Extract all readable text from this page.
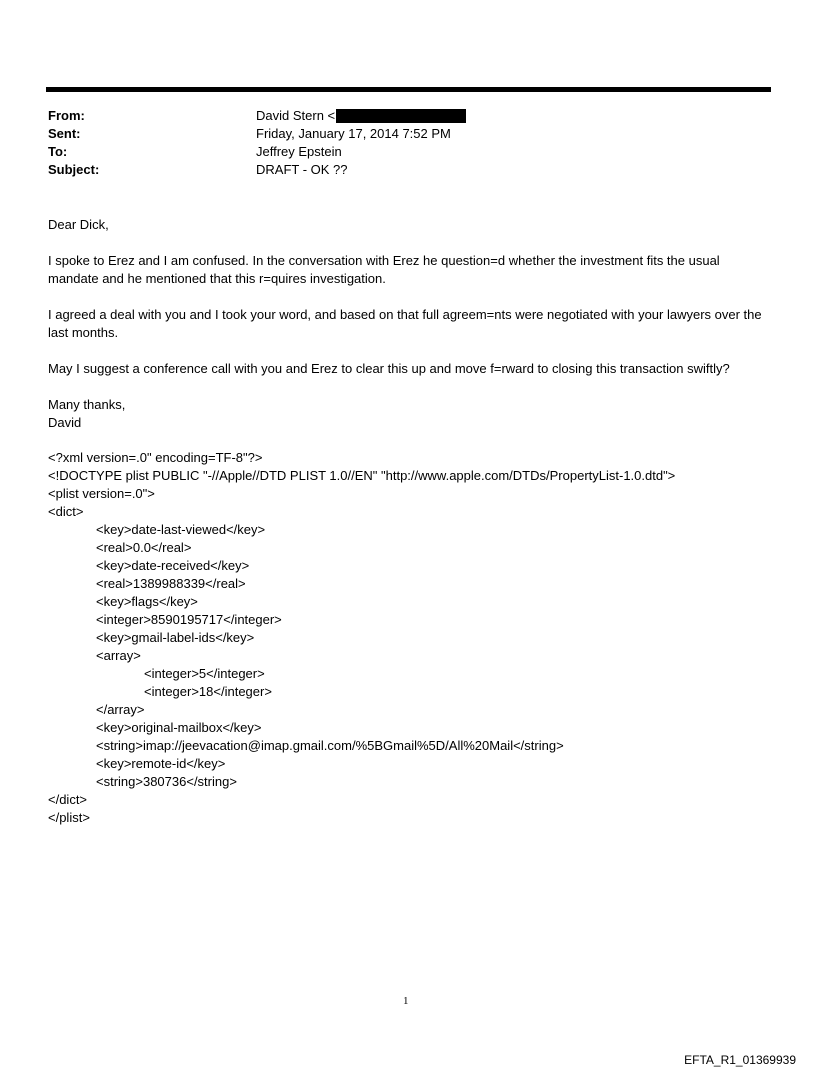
From:	David Stern <
Sent:	Friday, January 17, 2014 7:52 PM
To:	Jeffrey Epstein
Subject:	DRAFT - OK ??

Dear Dick,

I spoke to Erez and I am confused. In the conversation with Erez he question=d whether the investment fits the usual mandate and he mentioned that this r=quires investigation.

I agreed a deal with you and I took your word, and based on that full agreem=nts were negotiated with your lawyers over the last months.

May I suggest a conference call with you and Erez to clear this up and move f=rward to closing this transaction swiftly?

Many thanks,

David

<?xml version=.0" encoding=TF-8"?>
<!DOCTYPE plist PUBLIC "-//Apple//DTD PLIST 1.0//EN" "http://www.apple.com/DTDs/PropertyList-1.0.dtd">
<plist version=.0">
<dict>
<key>date-last-viewed</key>
<real>0.0</real>
<key>date-received</key>
<real>1389988339</real>
<key>flags</key>
<integer>8590195717</integer>
<key>gmail-label-ids</key>
<array>
<integer>5</integer>
<integer>18</integer>
</array>
<key>original-mailbox</key>
<string>imap://jeevacation@imap.gmail.com/%5BGmail%5D/All%20Mail</string>
<key>remote-id</key>
<string>380736</string>
</dict>
</plist>
1
EFTA_R1_01369939
